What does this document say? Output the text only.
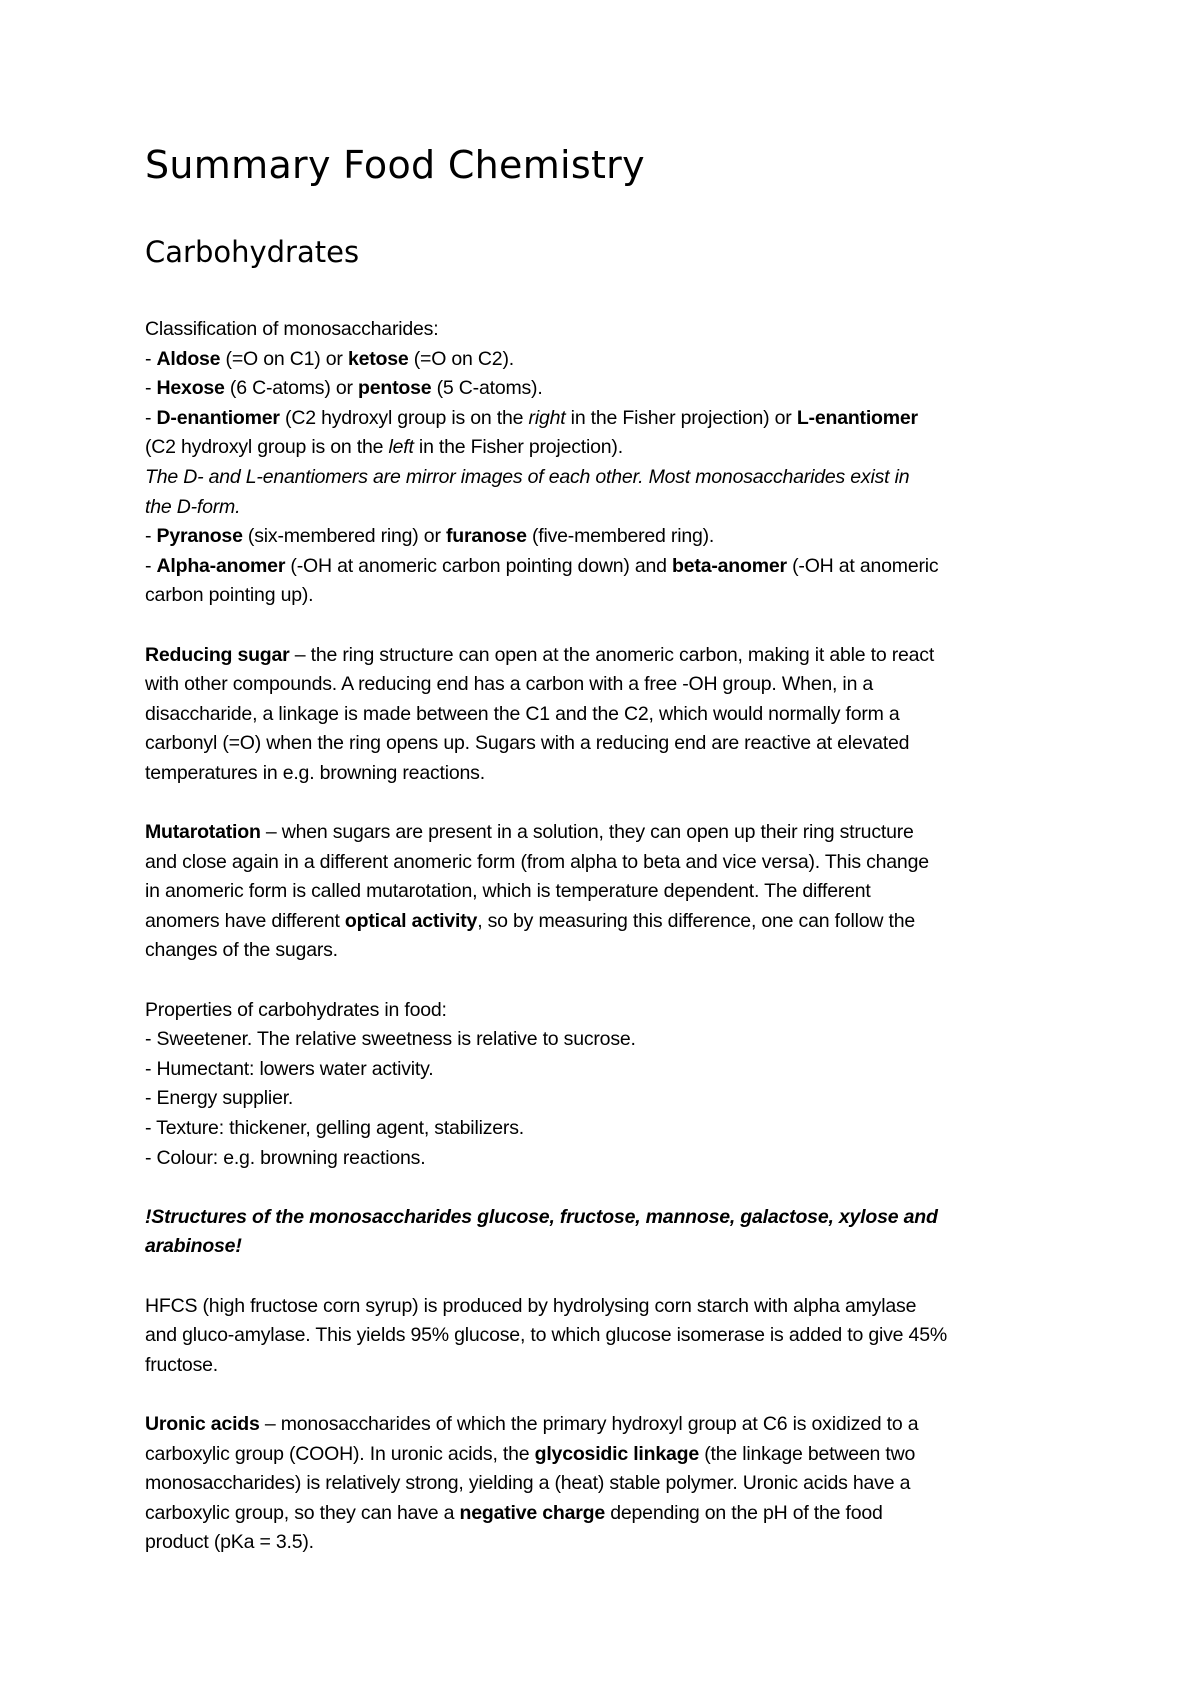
Summary Food Chemistry
Carbohydrates

Classification of monosaccharides:
- Aldose (=O on C1) or ketose (=O on C2).
- Hexose (6 C-atoms) or pentose (5 C-atoms).
- D-enantiomer (C2 hydroxyl group is on the right in the Fisher projection) or L-enantiomer
(C2 hydroxyl group is on the left in the Fisher projection).
The D- and L-enantiomers are mirror images of each other. Most monosaccharides exist in
the D-form.
- Pyranose (six-membered ring) or furanose (five-membered ring).
- Alpha-anomer (-OH at anomeric carbon pointing down) and beta-anomer (-OH at anomeric
carbon pointing up).

Reducing sugar – the ring structure can open at the anomeric carbon, making it able to react
with other compounds. A reducing end has a carbon with a free -OH group. When, in a
disaccharide, a linkage is made between the C1 and the C2, which would normally form a
carbonyl (=O) when the ring opens up. Sugars with a reducing end are reactive at elevated
temperatures in e.g. browning reactions.

Mutarotation – when sugars are present in a solution, they can open up their ring structure
and close again in a different anomeric form (from alpha to beta and vice versa). This change
in anomeric form is called mutarotation, which is temperature dependent. The different
anomers have different optical activity, so by measuring this difference, one can follow the
changes of the sugars.

Properties of carbohydrates in food:
- Sweetener. The relative sweetness is relative to sucrose.
- Humectant: lowers water activity.
- Energy supplier.
- Texture: thickener, gelling agent, stabilizers.
- Colour: e.g. browning reactions.

!Structures of the monosaccharides glucose, fructose, mannose, galactose, xylose and
arabinose!

HFCS (high fructose corn syrup) is produced by hydrolysing corn starch with alpha amylase
and gluco-amylase. This yields 95% glucose, to which glucose isomerase is added to give 45%
fructose.

Uronic acids – monosaccharides of which the primary hydroxyl group at C6 is oxidized to a
carboxylic group (COOH). In uronic acids, the glycosidic linkage (the linkage between two
monosaccharides) is relatively strong, yielding a (heat) stable polymer. Uronic acids have a
carboxylic group, so they can have a negative charge depending on the pH of the food
product (pKa = 3.5).
